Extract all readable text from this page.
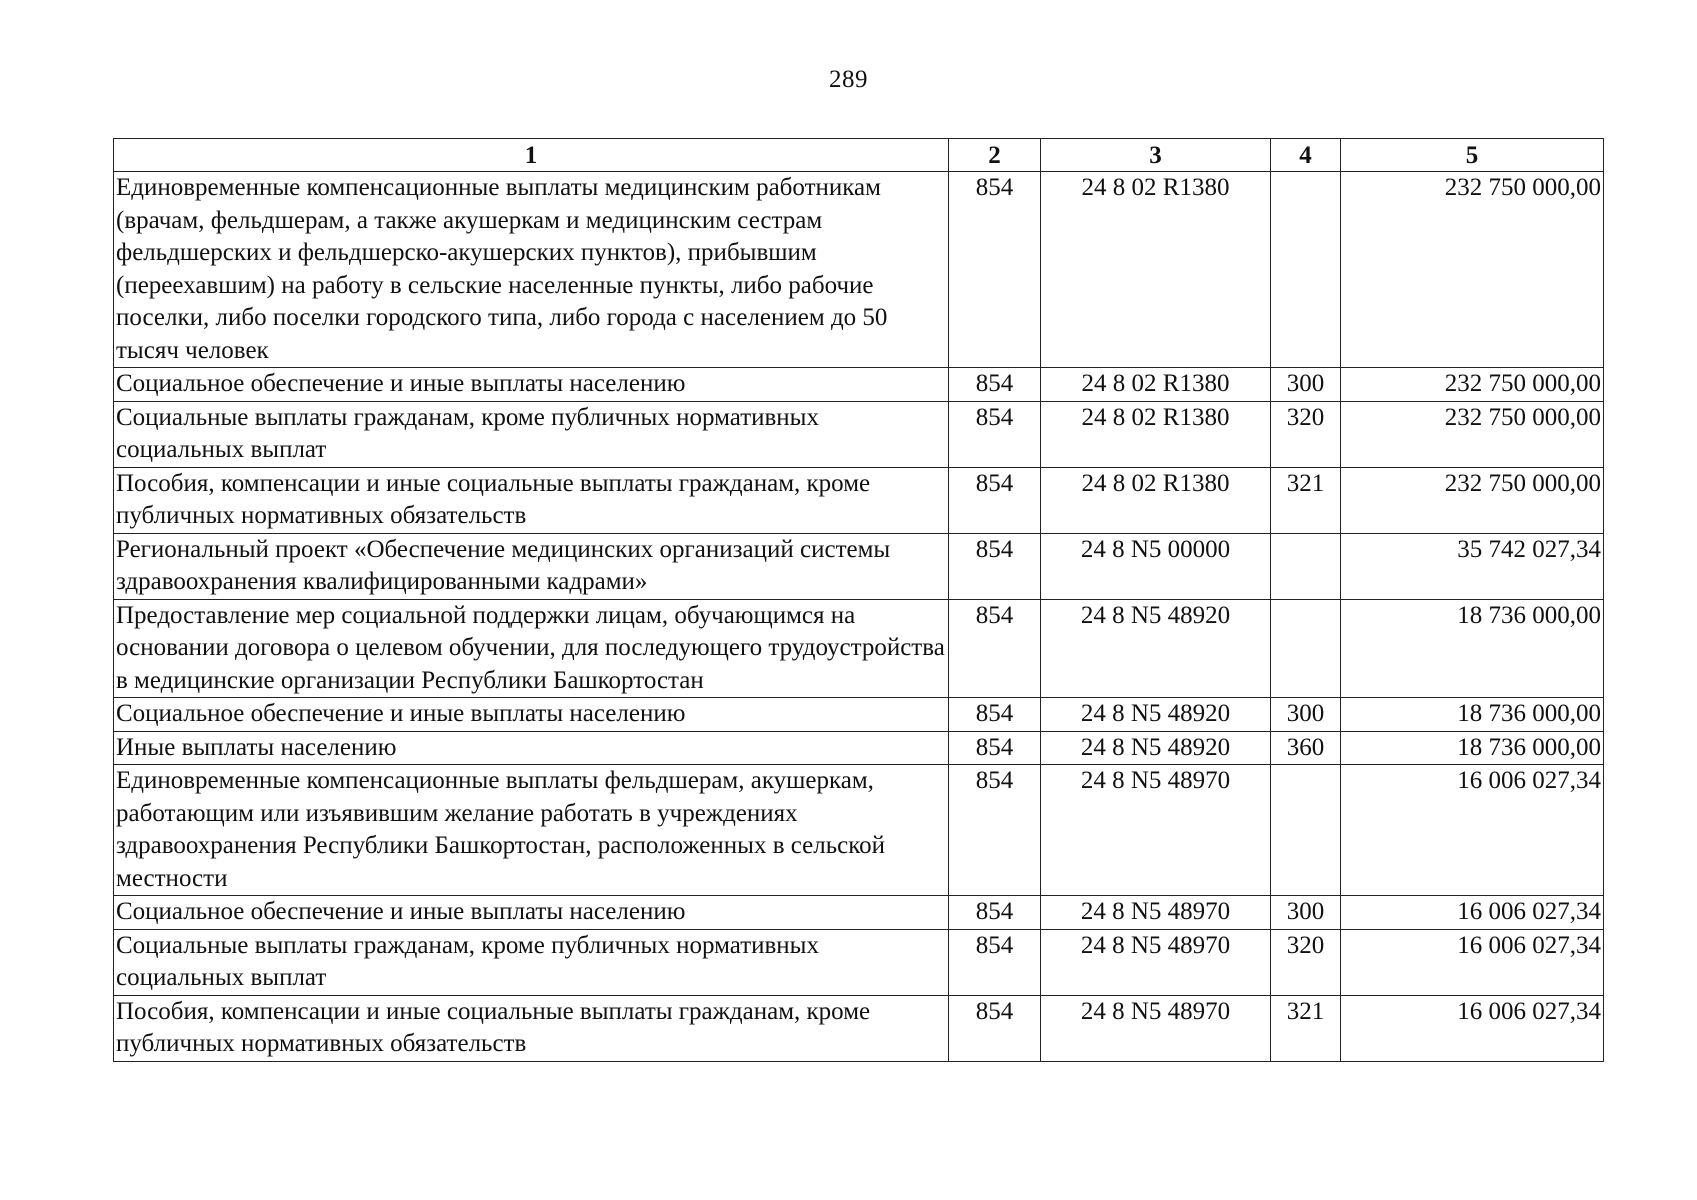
289
1	2	3	4	5
Единовременные компенсационные выплаты медицинским работникам (врачам, фельдшерам, а также акушеркам и медицинским сестрам фельдшерских и фельдшерско-акушерских пунктов), прибывшим (переехавшим) на работу в сельские населенные пункты, либо рабочие поселки, либо поселки городского типа, либо города с населением до 50 тысяч человек	854	24 8 02 R1380		232 750 000,00
Социальное обеспечение и иные выплаты населению	854	24 8 02 R1380	300	232 750 000,00
Социальные выплаты гражданам, кроме публичных нормативных социальных выплат	854	24 8 02 R1380	320	232 750 000,00
Пособия, компенсации и иные социальные выплаты гражданам, кроме публичных нормативных обязательств	854	24 8 02 R1380	321	232 750 000,00
Региональный проект «Обеспечение медицинских организаций системы здравоохранения квалифицированными кадрами»	854	24 8 N5 00000		35 742 027,34
Предоставление мер социальной поддержки лицам, обучающимся на основании договора о целевом обучении, для последующего трудоустройства в медицинские организации Республики Башкортостан	854	24 8 N5 48920		18 736 000,00
Социальное обеспечение и иные выплаты населению	854	24 8 N5 48920	300	18 736 000,00
Иные выплаты населению	854	24 8 N5 48920	360	18 736 000,00
Единовременные компенсационные выплаты фельдшерам, акушеркам, работающим или изъявившим желание работать в учреждениях здравоохранения Республики Башкортостан, расположенных в сельской местности	854	24 8 N5 48970		16 006 027,34
Социальное обеспечение и иные выплаты населению	854	24 8 N5 48970	300	16 006 027,34
Социальные выплаты гражданам, кроме публичных нормативных социальных выплат	854	24 8 N5 48970	320	16 006 027,34
Пособия, компенсации и иные социальные выплаты гражданам, кроме публичных нормативных обязательств	854	24 8 N5 48970	321	16 006 027,34
